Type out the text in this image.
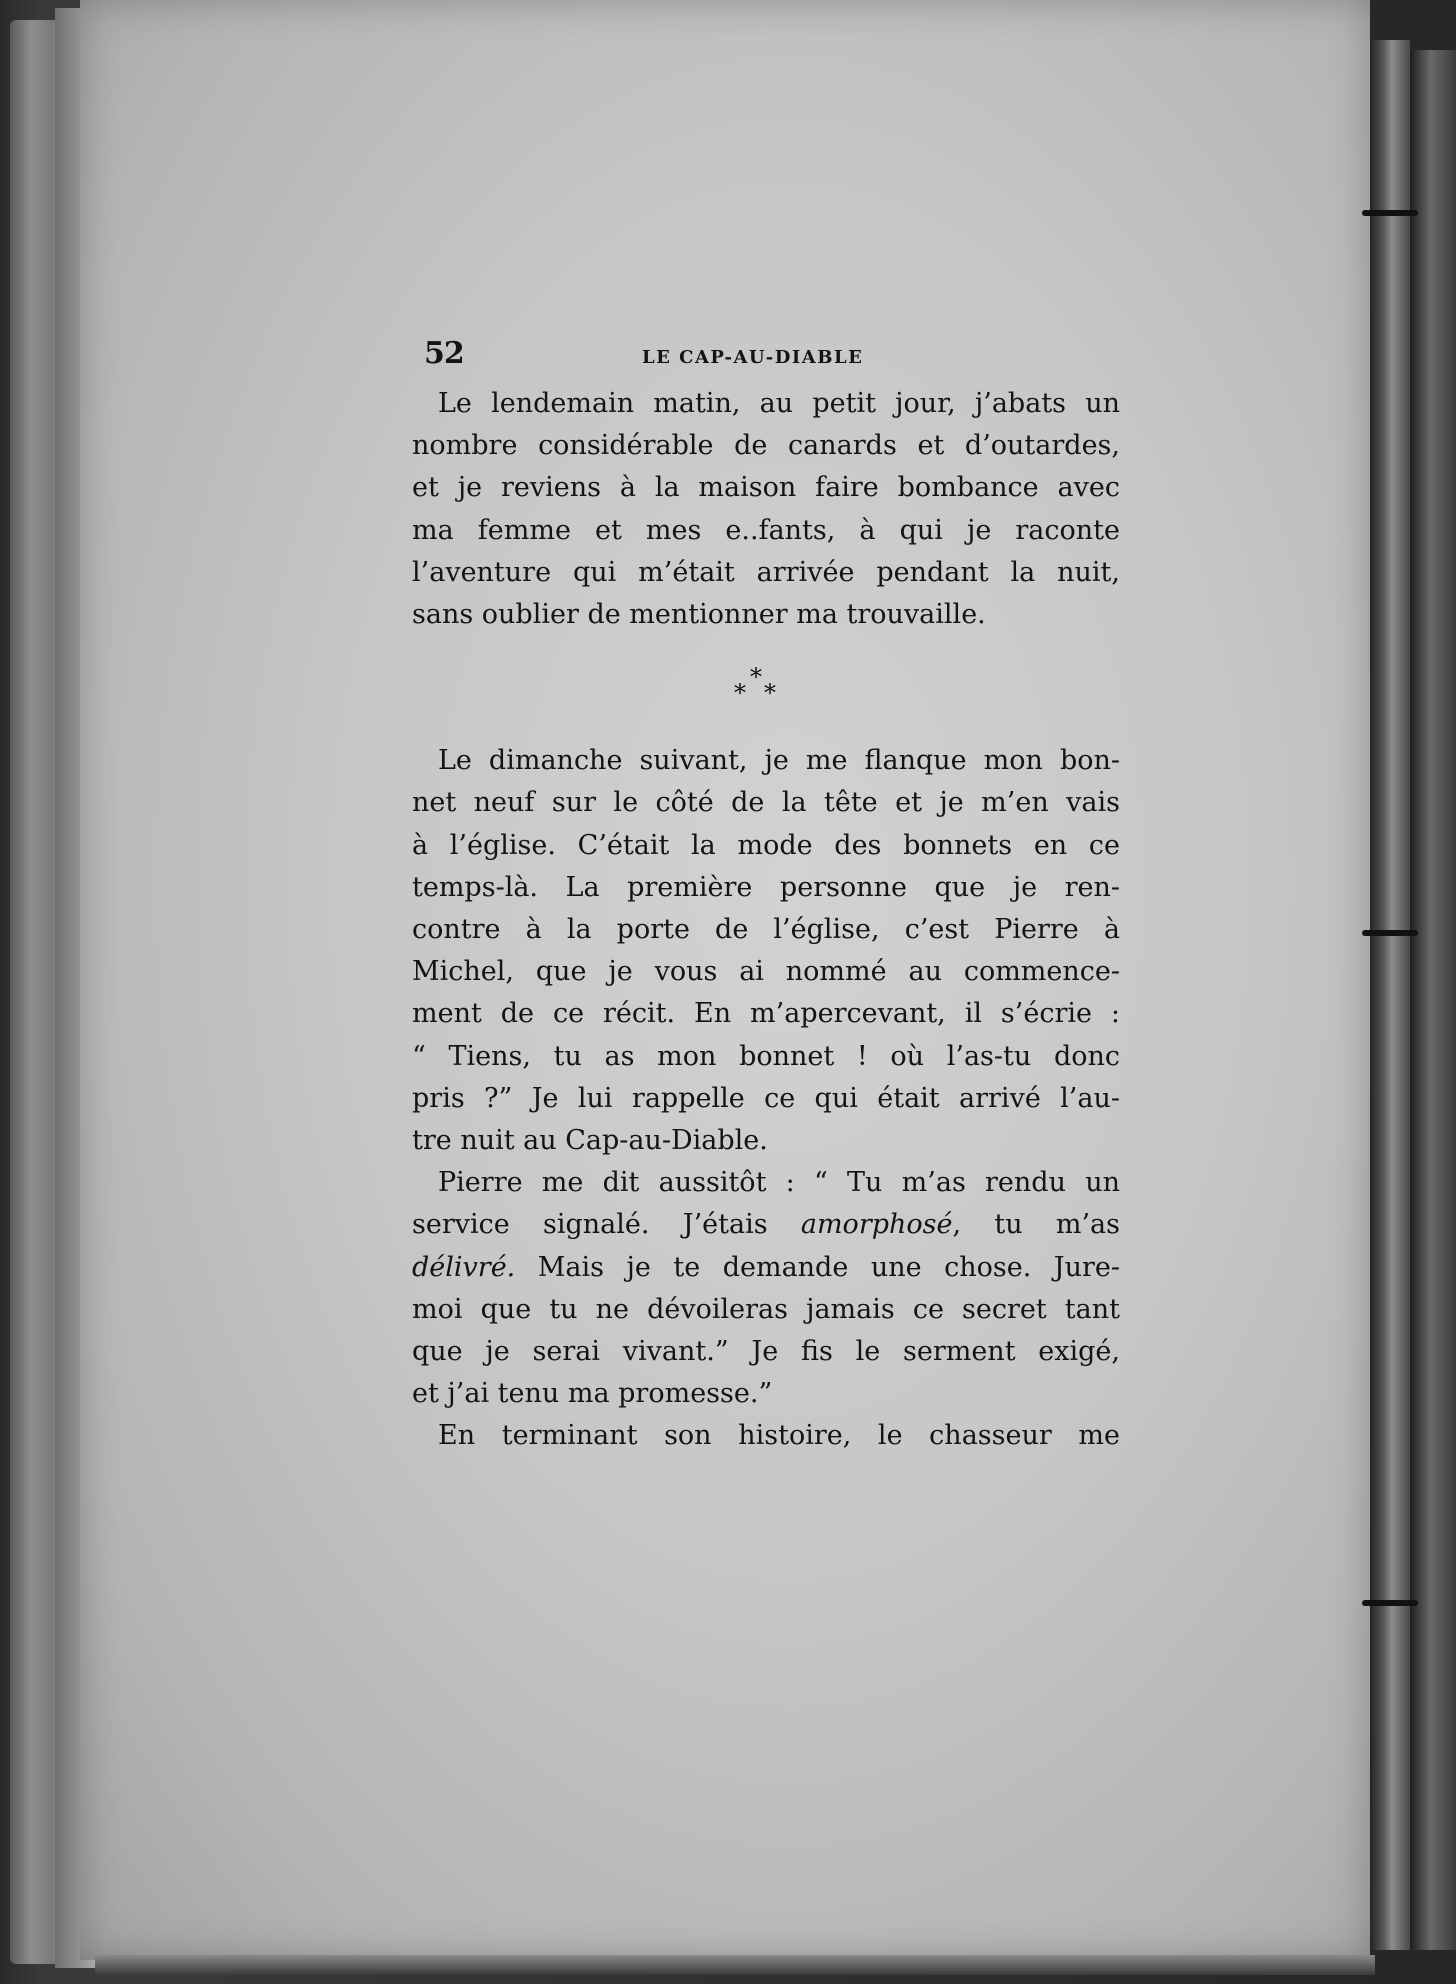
52	LE CAP-AU-DIABLE
Le lendemain matin, au petit jour, j’abats un
nombre considérable de canards et d’outardes,
et je reviens à la maison faire bombance avec
ma femme et mes e..fants, à qui je raconte
l’aventure qui m’était arrivée pendant la nuit,
sans oublier de mentionner ma trouvaille.
*
* *
Le dimanche suivant, je me flanque mon bon-
net neuf sur le côté de la tête et je m’en vais
à l’église. C’était la mode des bonnets en ce
temps-là. La première personne que je ren-
contre à la porte de l’église, c’est Pierre à
Michel, que je vous ai nommé au commence-
ment de ce récit. En m’apercevant, il s’écrie :
“ Tiens, tu as mon bonnet ! où l’as-tu donc
pris ?” Je lui rappelle ce qui était arrivé l’au-
tre nuit au Cap-au-Diable.
Pierre me dit aussitôt : “ Tu m’as rendu un
service signalé. J’étais amorphosé, tu m’as
délivré. Mais je te demande une chose. Jure-
moi que tu ne dévoileras jamais ce secret tant
que je serai vivant.” Je fis le serment exigé,
et j’ai tenu ma promesse.”
En terminant son histoire, le chasseur me
